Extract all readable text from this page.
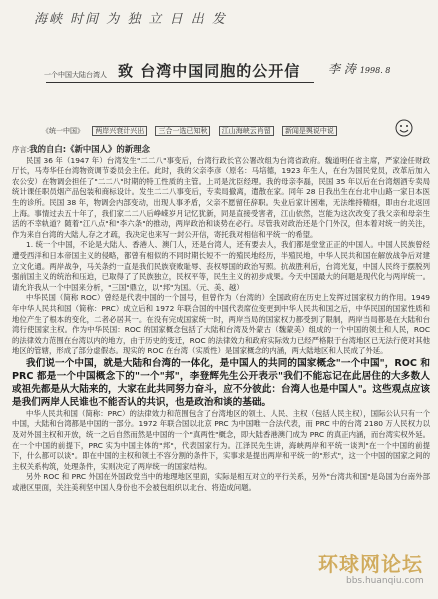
海峡 时间 为 独 立 日 出 发
一个中国大陆台湾人 致 台湾中国同胞的公开信 李 涛 1998. 8
《统一中国》 两岸兴衰计兴出 三合一选已知秋 江山海峡云肖留 新闻是舆说中说

序言:我的自白:《新中国人》的新理念

民国 36 年（1947 年）台湾发生"二二八"事变后，台湾行政长官公署改组为台湾省政府。魏道明任省主席，严家淦任财政厅长，马寿华任台湾物资调节委员会主任。此时，我的父亲李彦（原名：马培德，1923 年生人，在台为国民党员，改革后加入农公安）在物调会担任了"二二八"时期的特工性质的主管。上司是沈臣经理。我的母亲李磊，民国 35 年以后在台湾烟酒专卖局统计课任职员烟产品包装和商标设计。发生二二八事变后，专卖局撤离，遣散在家。同年 28 日我出生在台北中山路一家日本医生的诊所。民国 38 年，物调会内部变动，出现人事矛盾，父亲不愿留任辞职。失业后家计困难，无法维持精细，即由台北返回上海。事情过去五十年了，我们家二二八后峥嵘岁月记忆犹新，同是直接受害者，江山依然，岂能为这次改变了我父亲和母亲生活的不幸轨道？随着"江八点"和"李六条"的推动，两岸政治和谈势在必行。尽管我对政治还是个门外汉，但本着对统一的关注，作为来自台湾的大陆人,存之才疏，我决定也来写一封公开信，寄托我对相信和平统一的希望。

1. 统一个中国，不论是大陆人、香港人、澳门人，还是台湾人，还有要去人，我们都是堂堂正正的中国人。中国人民族曾经遭受西洋和日本帝国主义的侵略，都曾有相似的不同时期长短不一的殖民地经历，半殖民地，中华人民共和国在解放战争后对建立文化通。两岸战争，马关条约一直是我们民族衰败耻辱、丧权辱国的政治写照。抗战胜利后，台湾光复，中国人民终于摆脱列强前国主义的统治和压迫，已取得了了民族独立，民权平等，民生主义的初步成果。今天中国最大的问题是现代化与两岸统一。请允许我从一个中国来分析，"三国"鼎立，以"邦"为国。（元、美、越）

中华民国（简称 ROC）曾经是代表中国的一个国号，但曾作为（台湾的）全国政府在历史上发挥过国家权力的作用。1949 年中华人民共和国（简称：PRC）成立后和 1972 年联合国的中国代表席位变更到中华人民共和国之后，中华民国的国家性质和地位产生了根本的变化，二者必居其一。在没有完成国家统一时，两岸当局的国家权力都受到了限制，两岸当局都是在大陆和台湾行使国家主权。作为中华民国：ROC 的国家概念包括了大陆和台湾及外蒙古（魏蒙美）组成的一个中国的领土和人民，ROC 的法律效力范围在台湾以内的地方，由于历史的变迁，ROC 的法律效力和政府实际效力已经严格限于台湾地区已无法行使对其他地区的管辖，形成了部分虚假态。现实的 ROC 在台湾（实质性）是国家概念的内涵，两大陆地区和人民成了外延。

我们说一个中国，就是大陆和台湾的一体化，是中国人的共同的国家概念"一个中国"，ROC 和 PRC 都是一个中国概念下的"一个"邦"，李登辉先生公开表示"我们不能忘记在此居住的大多数人或祖先都是从大陆来的，大家在此共同努力奋斗，应不分彼此：台湾人也是中国人"。这些观点应该是我们两岸人民谁也不能否认的共识，也是政治和谈的基础。

中华人民共和国（简称：PRC）的法律效力和范围包含了台湾地区的领土、人民、主权（包括人民主权），国际公认只有一个中国，大陆和台湾都是中国的一部分。1972 年联合国以北京 PRC 为中国唯一合法代表，而 PRC 中的台湾 2180 万人民权力以及对外国主权和开放，统一之后自然而然是中国的一个"真两性"概念，即大陆香港澳门成为 PRC 的真正内涵，而台湾实权外延。在一个中国的前提下，PRC 实为中国主体的"邦"，代表国家行为。江泽民先生讲，海峡两岸和平统一谈判"在一个中国的前提下，什么都可以谈"。即在中国的主权和领土不容分割的条件下，实事求是提出两岸和平统一的"形式"，这一个中国的国家之间的主权关系构筑，处理条件，实则决定了两岸统一的国家结构。

另外 ROC 和 PRC 外国在外国政党当中的地理地区里面，实际是相互对立的平行关系，另外"台湾共和国"是岛国为台南外部或港区里面，关注美利坚中国人身份也不会被包组织以北台、将造成问题。

环球网论坛
bbs.huanqiu.com
